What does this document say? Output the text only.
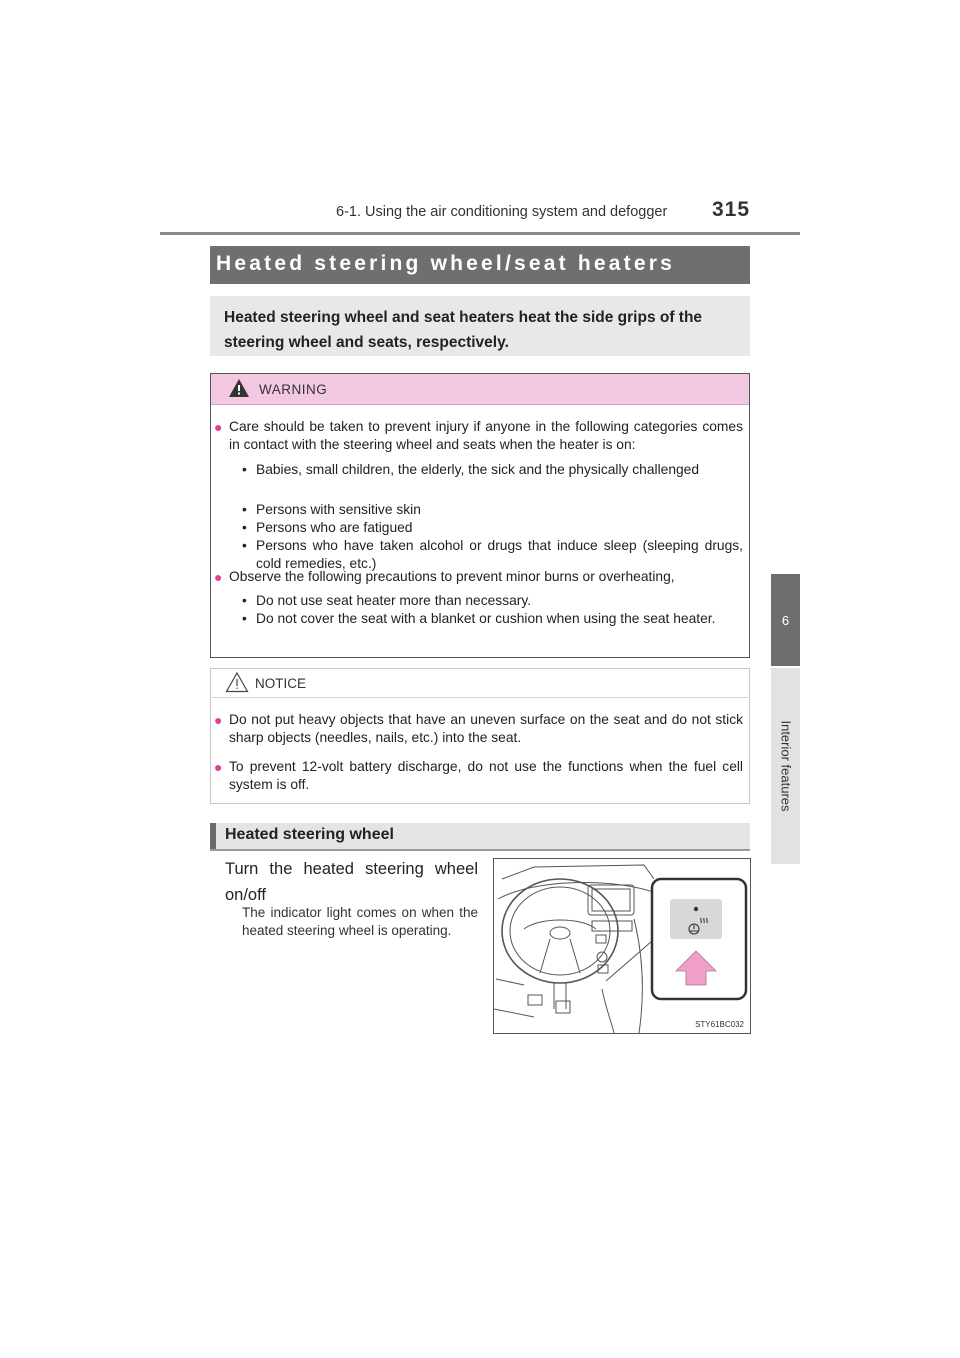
6-1. Using the air conditioning system and defogger 315
6
Interior features
Heated steering wheel/seat heaters

Heated steering wheel and seat heaters heat the side grips of the steering wheel and seats, respectively.

WARNING
● Care should be taken to prevent injury if anyone in the following categories comes in contact with the steering wheel and seats when the heater is on:
• Babies, small children, the elderly, the sick and the physically challenged
• Persons with sensitive skin
• Persons who are fatigued
• Persons who have taken alcohol or drugs that induce sleep (sleeping drugs, cold remedies, etc.)
● Observe the following precautions to prevent minor burns or overheating,
• Do not use seat heater more than necessary.
• Do not cover the seat with a blanket or cushion when using the seat heater.
NOTICE
● Do not put heavy objects that have an uneven surface on the seat and do not stick sharp objects (needles, nails, etc.) into the seat.
● To prevent 12-volt battery discharge, do not use the functions when the fuel cell system is off.
Heated steering wheel
Turn the heated steering wheel on/off
The indicator light comes on when the heated steering wheel is operating.
STY61BC032
